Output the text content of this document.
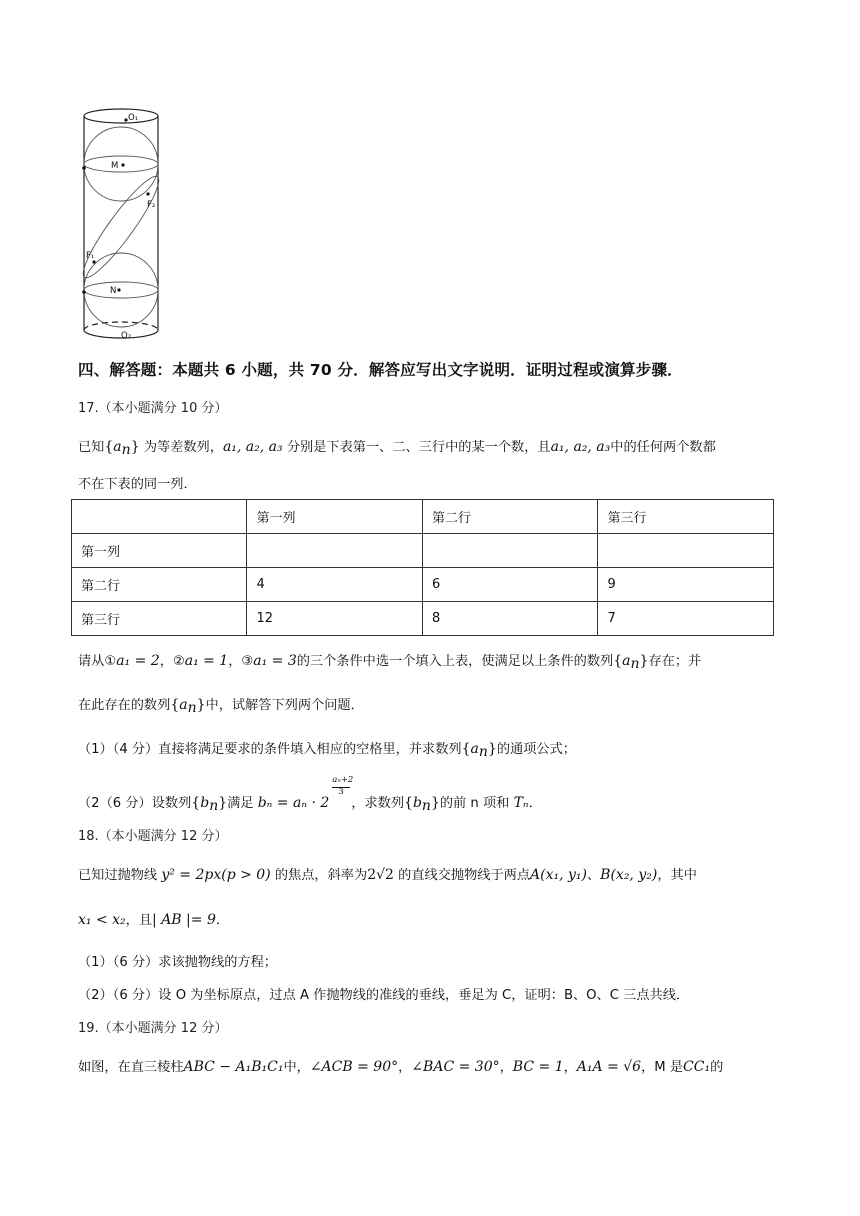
O₁
M
F₂
F₁
N
O₂
四、解答题：本题共 6 小题，共 70 分．解答应写出文字说明．证明过程或演算步骤．
17.（本小题满分 10 分）
已知$\{a_n\}$ 为等差数列，a₁, a₂, a₃ 分别是下表第一、二、三行中的某一个数，且a₁, a₂, a₃中的任何两个数都
不在下表的同一列．
	第一列	第二行	第三行
第一列			
第二行	4	6	9
第三行	12	8	7
请从①a₁ = 2，②a₁ = 1，③a₁ = 3的三个条件中选一个填入上表，使满足以上条件的数列$\{a_n\}$存在；并
在此存在的数列$\{a_n\}$中，试解答下列两个问题．
（1）（4 分）直接将满足要求的条件填入相应的空格里，并求数列$\{a_n\}$的通项公式；
（2（6 分）设数列$\{b_n\}$满足 $b_n = a_n \cdot 2 \frac{\text{aₙ+2}}{3}$ ，求数列$\{b_n\}$的前 n 项和 Tₙ．
18.（本小题满分 12 分）
已知过抛物线 y² = 2px(p > 0) 的焦点，斜率为2√2 的直线交抛物线于两点A(x₁, y₁)、B(x₂, y₂)，其中
x₁ < x₂，且| AB |= 9．
（1）（6 分）求该抛物线的方程；
（2）（6 分）设 O 为坐标原点，过点 A 作抛物线的准线的垂线，垂足为 C，证明：B、O、C 三点共线．
19.（本小题满分 12 分）
如图，在直三棱柱ABC − A₁B₁C₁中，∠ACB = 90°，∠BAC = 30°，BC = 1，A₁A = √6，M 是CC₁的
